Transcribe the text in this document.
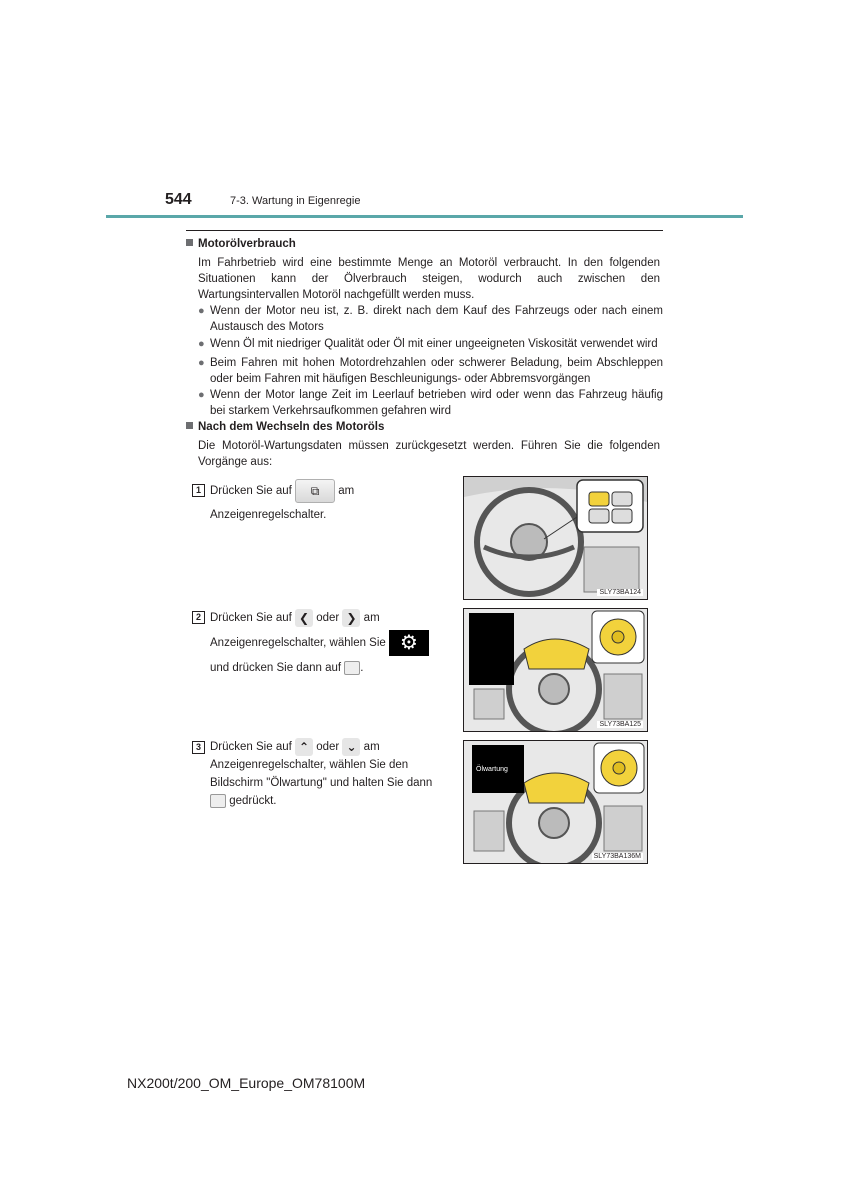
544	7-3. Wartung in Eigenregie
Motorölverbrauch
Im Fahrbetrieb wird eine bestimmte Menge an Motoröl verbraucht. In den folgenden Situationen kann der Ölverbrauch steigen, wodurch auch zwischen den Wartungsintervallen Motoröl nachgefüllt werden muss.
● Wenn der Motor neu ist, z. B. direkt nach dem Kauf des Fahrzeugs oder nach einem Austausch des Motors
● Wenn Öl mit niedriger Qualität oder Öl mit einer ungeeigneten Viskosität verwendet wird
● Beim Fahren mit hohen Motordrehzahlen oder schwerer Beladung, beim Abschleppen oder beim Fahren mit häufigen Beschleunigungs- oder Abbremsvorgängen
● Wenn der Motor lange Zeit im Leerlauf betrieben wird oder wenn das Fahrzeug häufig bei starkem Verkehrsaufkommen gefahren wird
Nach dem Wechseln des Motoröls
Die Motoröl-Wartungsdaten müssen zurückgesetzt werden. Führen Sie die folgenden Vorgänge aus:
1 Drücken Sie auf ⧉ am Anzeigenregelschalter.
SLY73BA124
2 Drücken Sie auf ❮ oder ❯ am Anzeigenregelschalter, wählen Sie ⚙ und drücken Sie dann auf .
SLY73BA125
3 Drücken Sie auf ⌃ oder ⌄ am Anzeigenregelschalter, wählen Sie den Bildschirm "Ölwartung" und halten Sie dann  gedrückt.
Ölwartung
SLY73BA136M
NX200t/200_OM_Europe_OM78100M
